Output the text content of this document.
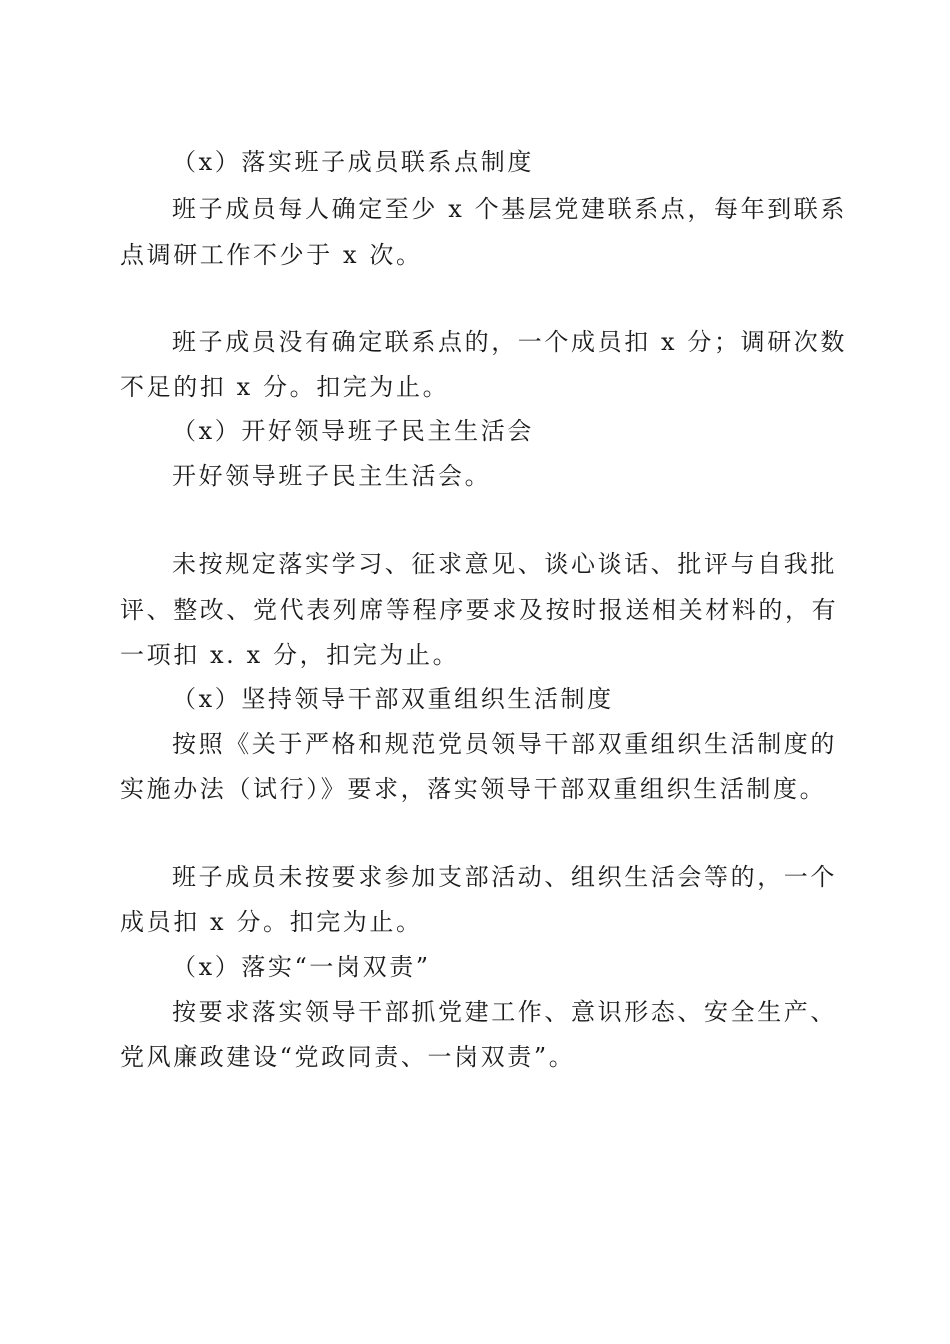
（x）落实班子成员联系点制度
班子成员每人确定至少 x 个基层党建联系点，每年到联系
点调研工作不少于 x 次。
班子成员没有确定联系点的，一个成员扣 x 分；调研次数
不足的扣 x 分。扣完为止。
（x）开好领导班子民主生活会
开好领导班子民主生活会。
未按规定落实学习、征求意见、谈心谈话、批评与自我批
评、整改、党代表列席等程序要求及按时报送相关材料的，有
一项扣 x. x 分，扣完为止。
（x）坚持领导干部双重组织生活制度
按照《关于严格和规范党员领导干部双重组织生活制度的
实施办法（试行）》要求，落实领导干部双重组织生活制度。
班子成员未按要求参加支部活动、组织生活会等的，一个
成员扣 x 分。扣完为止。
（x）落实“一岗双责”
按要求落实领导干部抓党建工作、意识形态、安全生产、
党风廉政建设“党政同责、一岗双责”。
